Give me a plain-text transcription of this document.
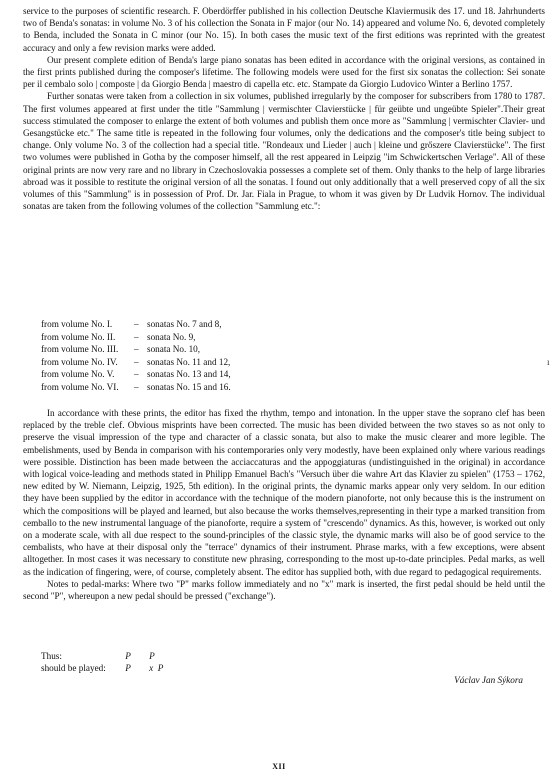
service to the purposes of scientific research. F. Oberdörffer published in his collection Deutsche Klaviermusik des 17. und 18. Jahrhunderts two of Benda's sonatas: in volume No. 3 of his collection the Sonata in F major (our No. 14) appeared and volume No. 6, devoted completely to Benda, included the Sonata in C minor (our No. 15). In both cases the music text of the first editions was reprinted with the greatest accuracy and only a few revision marks were added.

Our present complete edition of Benda's large piano sonatas has been edited in accordance with the original versions, as contained in the first prints published during the composer's lifetime. The following models were used for the first six sonatas the collection: Sei sonate per il cembalo solo | composte | da Giorgio Benda | maestro di capella etc. etc. Stampate da Giorgio Ludovico Winter a Berlino 1757.

Further sonatas were taken from a collection in six volumes, published irregularly by the composer for subscribers from 1780 to 1787. The first volumes appeared at first under the title "Sammlung | vermischter Clavierstücke | für geübte und ungeübte Spieler".Their great success stimulated the composer to enlarge the extent of both volumes and publish them once more as "Sammlung | vermischter Clavier- und Gesangstücke etc." The same title is repeated in the following four volumes, only the dedications and the composer's title being subject to change. Only volume No. 3 of the collection had a special title. "Rondeaux und Lieder | auch | kleine und grőszere Clavierstücke". The first two volumes were published in Gotha by the composer himself, all the rest appeared in Leipzig "im Schwickertschen Verlage". All of these original prints are now very rare and no library in Czechoslovakia possesses a complete set of them. Only thanks to the help of large libraries abroad was it possible to restitute the original version of all the sonatas. I found out only additionally that a well preserved copy of all the six volumes of this "Sammlung" is in possession of Prof. Dr. Jar. Fiala in Prague, to whom it was given by Dr Ludvik Hornov. The individual sonatas are taken from the following volumes of the collection "Sammlung etc.":

from volume No. I.	– sonatas No. 7 and 8,
from volume No. II.	– sonata No. 9,
from volume No. III.	– sonata No. 10,
from volume No. IV.	– sonatas No. 11 and 12,
from volume No. V.	– sonatas No. 13 and 14,
from volume No. VI.	– sonatas No. 15 and 16.
ı

In accordance with these prints, the editor has fixed the rhythm, tempo and intonation. In the upper stave the soprano clef has been replaced by the treble clef. Obvious misprints have been corrected. The music has been divided between the two staves so as not only to preserve the visual impression of the type and character of a classic sonata, but also to make the music clearer and more legible. The embelishments, used by Benda in comparison with his contemporaries only very modestly, have been explained only where various readings were possible. Distinction has been made between the acciaccaturas and the appoggiaturas (undistinguished in the original) in accordance with logical voice-leading and methods stated in Philipp Emanuel Bach's "Versuch über die wahre Art das Klavier zu spielen" (1753 – 1762, new edited by W. Niemann, Leipzig, 1925, 5th edition). In the original prints, the dynamic marks appear only very seldom. In our edition they have been supplied by the editor in accordance with the technique of the modern pianoforte, not only because this is the instrument on which the compositions will be played and learned, but also because the works themselves,representing in their type a marked transition from cemballo to the new instrumental language of the pianoforte, require a system of "crescendo" dynamics. As this, however, is worked out only on a moderate scale, with all due respect to the sound-principles of the classic style, the dynamic marks will also be of good service to the cembalists, who have at their disposal only the "terrace" dynamics of their instrument. Phrase marks, with a few exceptions, were absent alltogether. In most cases it was necessary to constitute new phrasing, corresponding to the most up-to-date principles. Pedal marks, as well as the indication of fingering, were, of course, completely absent. The editor has supplied both, with due regard to pedagogical requirements.

Notes to pedal-marks: Where two "P" marks follow immediately and no "x" mark is inserted, the first pedal should be held until the second "P", whereupon a new pedal should be pressed ("exchange").

Thus:	P        P
should be played: P        x  P
Václav Jan Sýkora
XII
